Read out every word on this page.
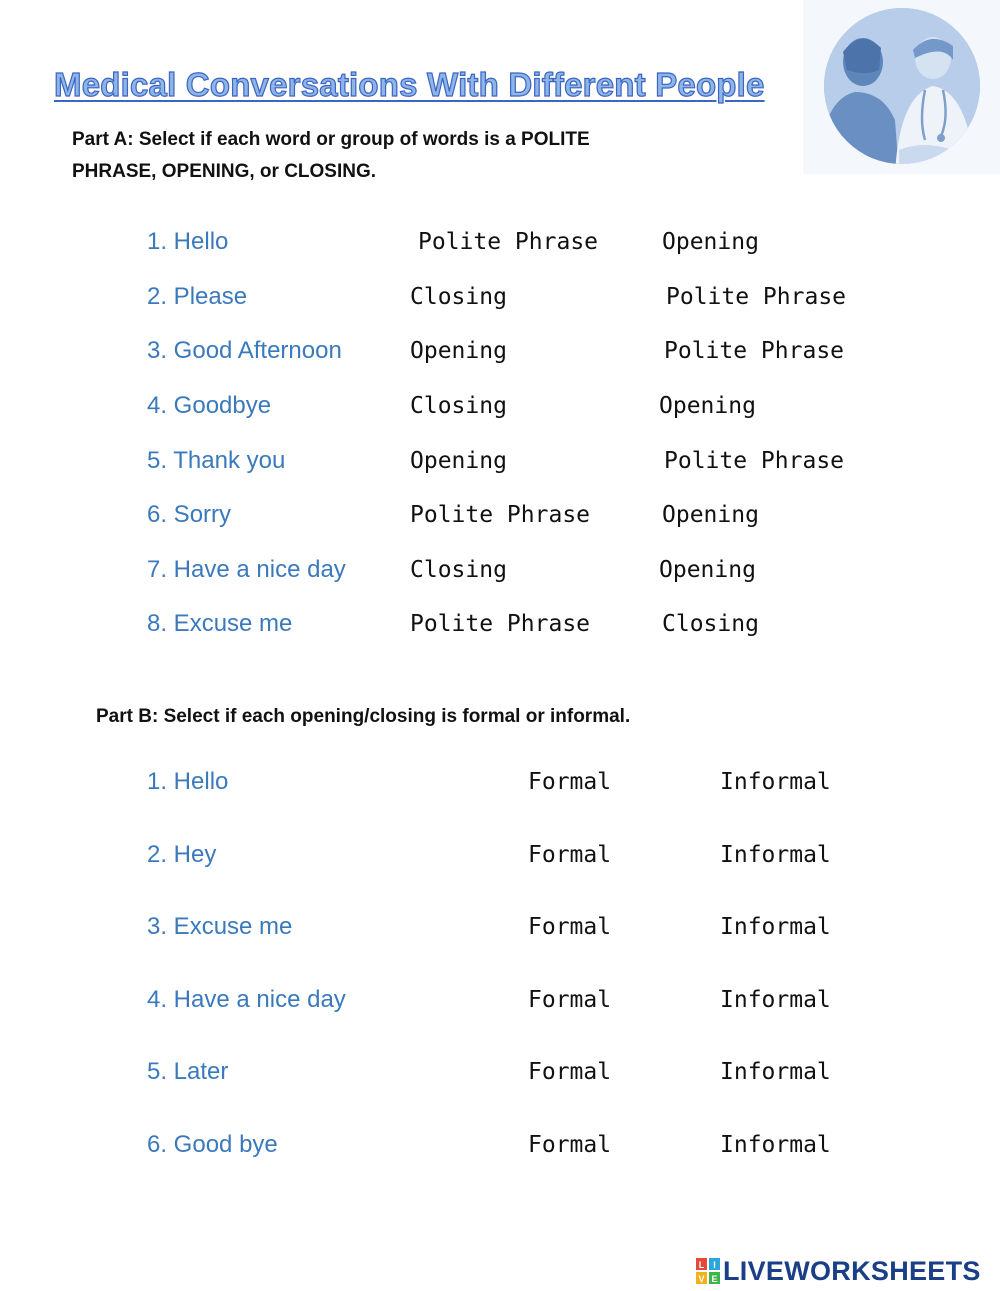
Medical Conversations With Different People
Part A: Select if each word or group of words is a POLITE
PHRASE, OPENING, or CLOSING.
1. Hello	Polite Phrase	Opening
2. Please	Closing	Polite Phrase
3. Good Afternoon	Opening	Polite Phrase
4. Goodbye	Closing	Opening
5. Thank you	Opening	Polite Phrase
6. Sorry	Polite Phrase	Opening
7. Have a nice day	Closing	Opening
8. Excuse me	Polite Phrase	Closing
Part B: Select if each opening/closing is formal or informal.
1. Hello	Formal	Informal
2. Hey	Formal	Informal
3. Excuse me	Formal	Informal
4. Have a nice day	Formal	Informal
5. Later	Formal	Informal
6. Good bye	Formal	Informal
L I
V E LIVEWORKSHEETS
